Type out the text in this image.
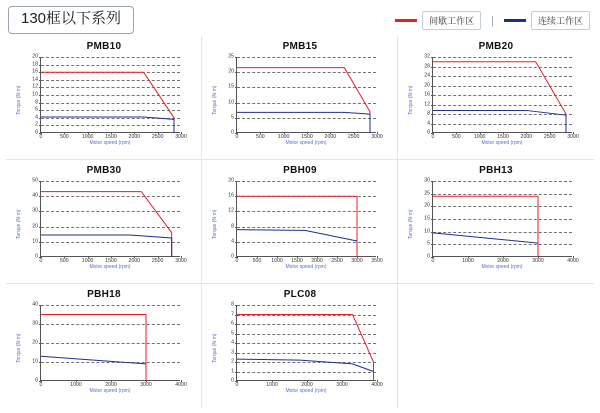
130框以下系列	间歇工作区	|	连续工作区
PMB10
Torque (N·m)
0
2
4
6
8
10
12
14
16
18
20
0	500	1000 1500 2000 2500 3000
Motor speed (rpm)
PMB15
Torque (N·m)
0
5
10
15
20
25
0	500	1000 1500 2000 2500 3000
Motor speed (rpm)
PMB20
Torque (N·m)
0
4
8
12
16
20
24
28
32
0	500	1000 1500 2000 2500 3000
Motor speed (rpm)
PMB30
Torque (N·m)
0
10
20
30
40
50
0	500	1000 1500 2000 2500 3000
Motor speed (rpm)
PBH09
Torque (N·m)
0
4
8
12
16
20
0	500 1000 1500 2000 2500 3000 3500
Motor speed (rpm)
PBH13
Torque (N·m)
0
5
10
15
20
25
30
0	1000	2000	3000	4000
Motor speed (rpm)
PBH18
Torque (N·m)
0
10
20
30
40
0	1000	2000	3000	4000
Motor speed (rpm)
PLC08
Torque (N·m)
0
1
2
3
4
5
6
7
8
0	1000	2000	3000	4000
Motor speed (rpm)
